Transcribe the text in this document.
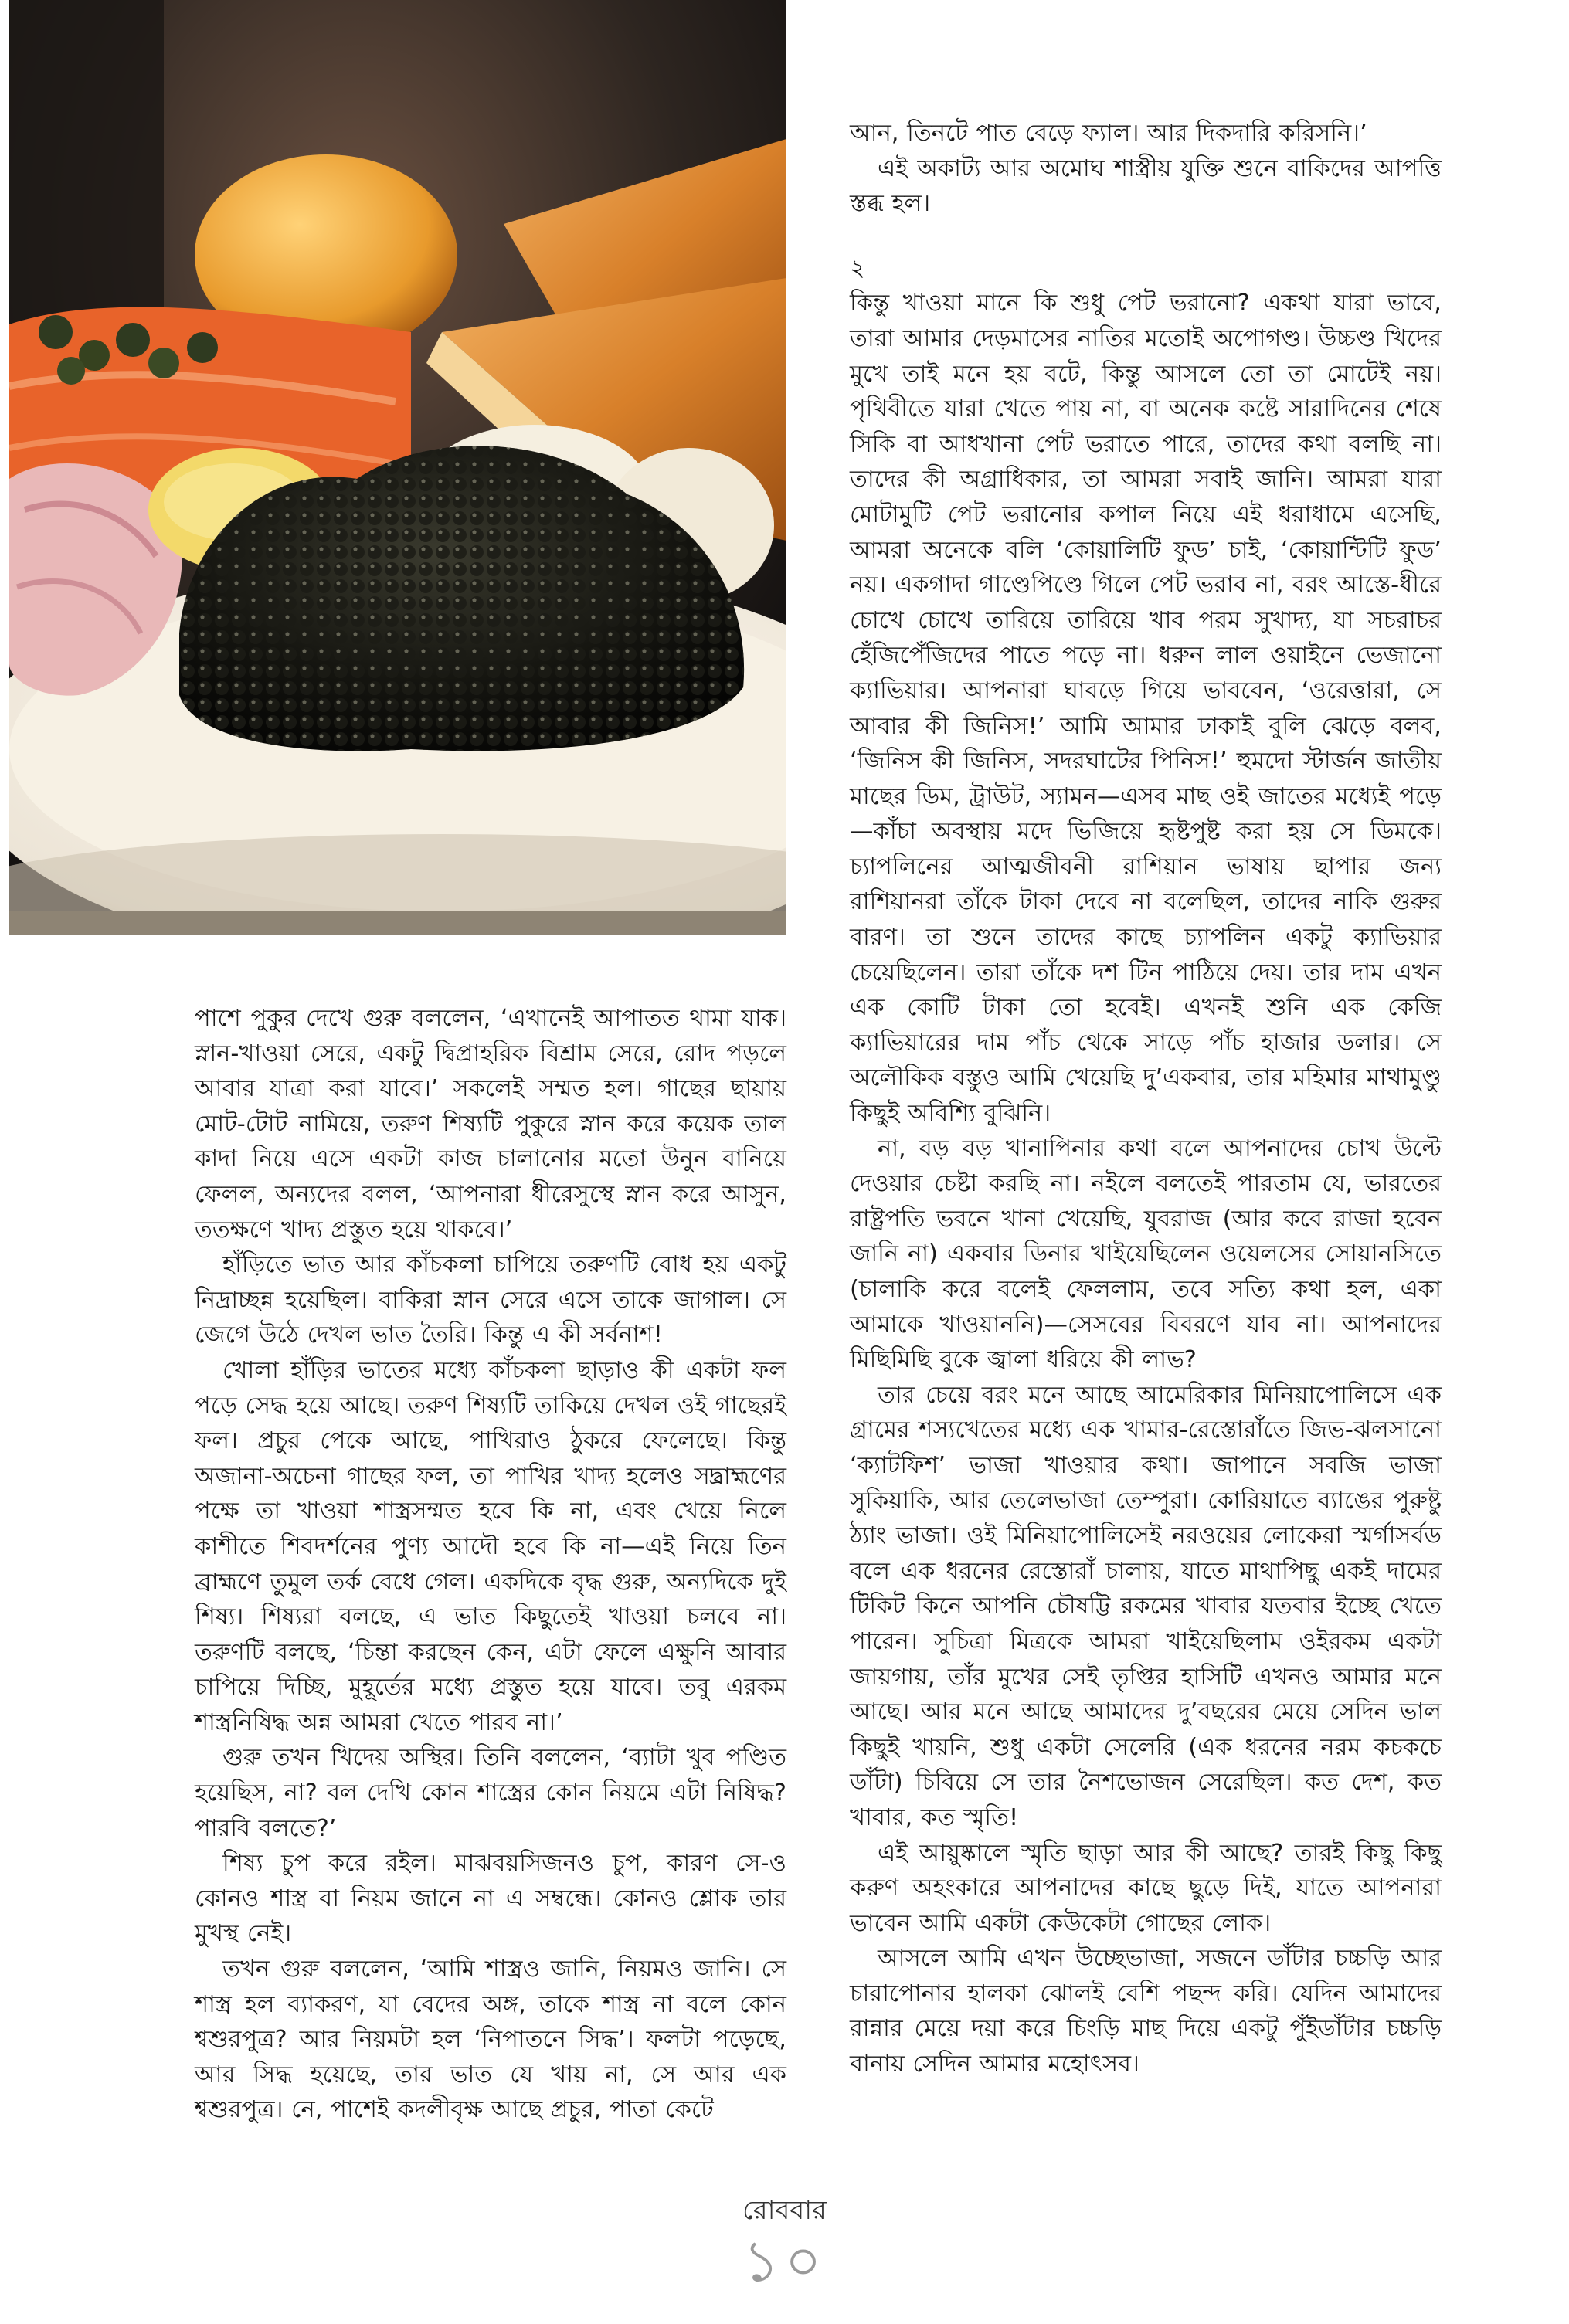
পাশে পুকুর দেখে গুরু বললেন, ‘এখানেই আপাতত থামা যাক। স্নান-খাওয়া সেরে, একটু দ্বিপ্রাহরিক বিশ্রাম সেরে, রোদ পড়লে আবার যাত্রা করা যাবে।’ সকলেই সম্মত হল। গাছের ছায়ায় মোট-টোট নামিয়ে, তরুণ শিষ্যটি পুকুরে স্নান করে কয়েক তাল কাদা নিয়ে এসে একটা কাজ চালানোর মতো উনুন বানিয়ে ফেলল, অন্যদের বলল, ‘আপনারা ধীরেসুস্থে স্নান করে আসুন, ততক্ষণে খাদ্য প্রস্তুত হয়ে থাকবে।’

হাঁড়িতে ভাত আর কাঁচকলা চাপিয়ে তরুণটি বোধ হয় একটু নিদ্রাচ্ছন্ন হয়েছিল। বাকিরা স্নান সেরে এসে তাকে জাগাল। সে জেগে উঠে দেখল ভাত তৈরি। কিন্তু এ কী সর্বনাশ!

খোলা হাঁড়ির ভাতের মধ্যে কাঁচকলা ছাড়াও কী একটা ফল পড়ে সেদ্ধ হয়ে আছে। তরুণ শিষ্যটি তাকিয়ে দেখল ওই গাছেরই ফল। প্রচুর পেকে আছে, পাখিরাও ঠুকরে ফেলেছে। কিন্তু অজানা-অচেনা গাছের ফল, তা পাখির খাদ্য হলেও সদ্ব্রাহ্মণের পক্ষে তা খাওয়া শাস্ত্রসম্মত হবে কি না, এবং খেয়ে নিলে কাশীতে শিবদর্শনের পুণ্য আদৌ হবে কি না—এই নিয়ে তিন ব্রাহ্মণে তুমুল তর্ক বেধে গেল। একদিকে বৃদ্ধ গুরু, অন্যদিকে দুই শিষ্য। শিষ্যরা বলছে, এ ভাত কিছুতেই খাওয়া চলবে না। তরুণটি বলছে, ‘চিন্তা করছেন কেন, এটা ফেলে এক্ষুনি আবার চাপিয়ে দিচ্ছি, মুহূর্তের মধ্যে প্রস্তুত হয়ে যাবে। তবু এরকম শাস্ত্রনিষিদ্ধ অন্ন আমরা খেতে পারব না।’

গুরু তখন খিদেয় অস্থির। তিনি বললেন, ‘ব্যাটা খুব পণ্ডিত হয়েছিস, না? বল দেখি কোন শাস্ত্রের কোন নিয়মে এটা নিষিদ্ধ? পারবি বলতে?’

শিষ্য চুপ করে রইল। মাঝবয়সিজনও চুপ, কারণ সে-ও কোনও শাস্ত্র বা নিয়ম জানে না এ সম্বন্ধে। কোনও শ্লোক তার মুখস্থ নেই।

তখন গুরু বললেন, ‘আমি শাস্ত্রও জানি, নিয়মও জানি। সে শাস্ত্র হল ব্যাকরণ, যা বেদের অঙ্গ, তাকে শাস্ত্র না বলে কোন শ্বশুরপুত্র? আর নিয়মটা হল ‘নিপাতনে সিদ্ধ’। ফলটা পড়েছে, আর সিদ্ধ হয়েছে, তার ভাত যে খায় না, সে আর এক শ্বশুরপুত্র। নে, পাশেই কদলীবৃক্ষ আছে প্রচুর, পাতা কেটে

আন, তিনটে পাত বেড়ে ফ্যাল। আর দিকদারি করিসনি।’

এই অকাট্য আর অমোঘ শাস্ত্রীয় যুক্তি শুনে বাকিদের আপত্তি স্তব্ধ হল।

২

কিন্তু খাওয়া মানে কি শুধু পেট ভরানো? একথা যারা ভাবে, তারা আমার দেড়মাসের নাতির মতোই অপোগণ্ড। উচ্চণ্ড খিদের মুখে তাই মনে হয় বটে, কিন্তু আসলে তো তা মোটেই নয়। পৃথিবীতে যারা খেতে পায় না, বা অনেক কষ্টে সারাদিনের শেষে সিকি বা আধখানা পেট ভরাতে পারে, তাদের কথা বলছি না। তাদের কী অগ্রাধিকার, তা আমরা সবাই জানি। আমরা যারা মোটামুটি পেট ভরানোর কপাল নিয়ে এই ধরাধামে এসেছি, আমরা অনেকে বলি ‘কোয়ালিটি ফুড’ চাই, ‘কোয়ান্টিটি ফুড’ নয়। একগাদা গাণ্ডেপিণ্ডে গিলে পেট ভরাব না, বরং আস্তে-ধীরে চোখে চোখে তারিয়ে তারিয়ে খাব পরম সুখাদ্য, যা সচরাচর হেঁজিপেঁজিদের পাতে পড়ে না। ধরুন লাল ওয়াইনে ভেজানো ক্যাভিয়ার। আপনারা ঘাবড়ে গিয়ে ভাববেন, ‘ওরেত্তারা, সে আবার কী জিনিস!’ আমি আমার ঢাকাই বুলি ঝেড়ে বলব, ‘জিনিস কী জিনিস, সদরঘাটের পিনিস!’ হুমদো স্টার্জন জাতীয় মাছের ডিম, ট্রাউট, স্যামন—এসব মাছ ওই জাতের মধ্যেই পড়ে—কাঁচা অবস্থায় মদে ভিজিয়ে হৃষ্টপুষ্ট করা হয় সে ডিমকে। চ্যাপলিনের আত্মজীবনী রাশিয়ান ভাষায় ছাপার জন্য রাশিয়ানরা তাঁকে টাকা দেবে না বলেছিল, তাদের নাকি গুরুর বারণ। তা শুনে তাদের কাছে চ্যাপলিন একটু ক্যাভিয়ার চেয়েছিলেন। তারা তাঁকে দশ টিন পাঠিয়ে দেয়। তার দাম এখন এক কোটি টাকা তো হবেই। এখনই শুনি এক কেজি ক্যাভিয়ারের দাম পাঁচ থেকে সাড়ে পাঁচ হাজার ডলার। সে অলৌকিক বস্তুও আমি খেয়েছি দু’একবার, তার মহিমার মাথামুণ্ডু কিছুই অবিশ্যি বুঝিনি।

না, বড় বড় খানাপিনার কথা বলে আপনাদের চোখ উল্টে দেওয়ার চেষ্টা করছি না। নইলে বলতেই পারতাম যে, ভারতের রাষ্ট্রপতি ভবনে খানা খেয়েছি, যুবরাজ (আর কবে রাজা হবেন জানি না) একবার ডিনার খাইয়েছিলেন ওয়েলসের সোয়ানসিতে (চালাকি করে বলেই ফেললাম, তবে সত্যি কথা হল, একা আমাকে খাওয়াননি)—সেসবের বিবরণে যাব না। আপনাদের মিছিমিছি বুকে জ্বালা ধরিয়ে কী লাভ?

তার চেয়ে বরং মনে আছে আমেরিকার মিনিয়াপোলিসে এক গ্রামের শস্যখেতের মধ্যে এক খামার-রেস্তোরাঁতে জিভ-ঝলসানো ‘ক্যাটফিশ’ ভাজা খাওয়ার কথা। জাপানে সবজি ভাজা সুকিয়াকি, আর তেলেভাজা তেম্পুরা। কোরিয়াতে ব্যাঙের পুরুষ্টু ঠ্যাং ভাজা। ওই মিনিয়াপোলিসেই নরওয়ের লোকেরা স্মর্গাসর্বড বলে এক ধরনের রেস্তোরাঁ চালায়, যাতে মাথাপিছু একই দামের টিকিট কিনে আপনি চৌষট্টি রকমের খাবার যতবার ইচ্ছে খেতে পারেন। সুচিত্রা মিত্রকে আমরা খাইয়েছিলাম ওইরকম একটা জায়গায়, তাঁর মুখের সেই তৃপ্তির হাসিটি এখনও আমার মনে আছে। আর মনে আছে আমাদের দু’বছরের মেয়ে সেদিন ভাল কিছুই খায়নি, শুধু একটা সেলেরি (এক ধরনের নরম কচকচে ডাঁটা) চিবিয়ে সে তার নৈশভোজন সেরেছিল। কত দেশ, কত খাবার, কত স্মৃতি!

এই আয়ুষ্কালে স্মৃতি ছাড়া আর কী আছে? তারই কিছু কিছু করুণ অহংকারে আপনাদের কাছে ছুড়ে দিই, যাতে আপনারা ভাবেন আমি একটা কেউকেটা গোছের লোক।

আসলে আমি এখন উচ্ছেভাজা, সজনে ডাঁটার চচ্চড়ি আর চারাপোনার হালকা ঝোলই বেশি পছন্দ করি। যেদিন আমাদের রান্নার মেয়ে দয়া করে চিংড়ি মাছ দিয়ে একটু পুঁইডাঁটার চচ্চড়ি বানায় সেদিন আমার মহোৎসব।

রোববার
১০
